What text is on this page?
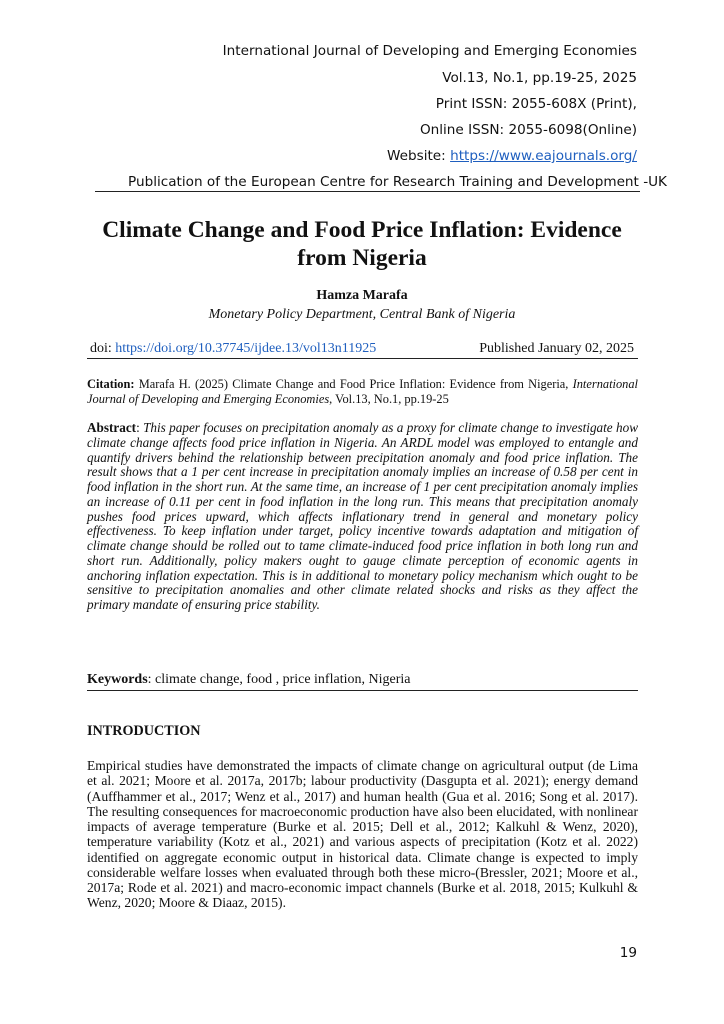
International Journal of Developing and Emerging Economies
Vol.13, No.1, pp.19-25, 2025
Print ISSN: 2055-608X (Print),
Online ISSN: 2055-6098(Online)
Website: https://www.eajournals.org/
Publication of the European Centre for Research Training and Development -UK
Climate Change and Food Price Inflation: Evidence
from Nigeria
Hamza Marafa
Monetary Policy Department, Central Bank of Nigeria
doi: https://doi.org/10.37745/ijdee.13/vol13n11925	Published January 02, 2025
Citation: Marafa H. (2025) Climate Change and Food Price Inflation: Evidence from Nigeria, International Journal of Developing and Emerging Economies, Vol.13, No.1, pp.19-25
Abstract: This paper focuses on precipitation anomaly as a proxy for climate change to investigate how climate change affects food price inflation in Nigeria. An ARDL model was employed to entangle and quantify drivers behind the relationship between precipitation anomaly and food price inflation. The result shows that a 1 per cent increase in precipitation anomaly implies an increase of 0.58 per cent in food inflation in the short run. At the same time, an increase of 1 per cent precipitation anomaly implies an increase of 0.11 per cent in food inflation in the long run. This means that precipitation anomaly pushes food prices upward, which affects inflationary trend in general and monetary policy effectiveness. To keep inflation under target, policy incentive towards adaptation and mitigation of climate change should be rolled out to tame climate-induced food price inflation in both long run and short run. Additionally, policy makers ought to gauge climate perception of economic agents in anchoring inflation expectation. This is in additional to monetary policy mechanism which ought to be sensitive to precipitation anomalies and other climate related shocks and risks as they affect the primary mandate of ensuring price stability.
Keywords: climate change, food , price inflation, Nigeria
INTRODUCTION
Empirical studies have demonstrated the impacts of climate change on agricultural output (de Lima et al. 2021; Moore et al. 2017a, 2017b; labour productivity (Dasgupta et al. 2021); energy demand (Auffhammer et al., 2017; Wenz et al., 2017) and human health (Gua et al. 2016; Song et al. 2017). The resulting consequences for macroeconomic production have also been elucidated, with nonlinear impacts of average temperature (Burke et al. 2015; Dell et al., 2012; Kalkuhl & Wenz, 2020), temperature variability (Kotz et al., 2021) and various aspects of precipitation (Kotz et al. 2022) identified on aggregate economic output in historical data. Climate change is expected to imply considerable welfare losses when evaluated through both these micro-(Bressler, 2021; Moore et al., 2017a; Rode et al. 2021) and macro-economic impact channels (Burke et al. 2018, 2015; Kulkuhl & Wenz, 2020; Moore & Diaaz, 2015).
19
